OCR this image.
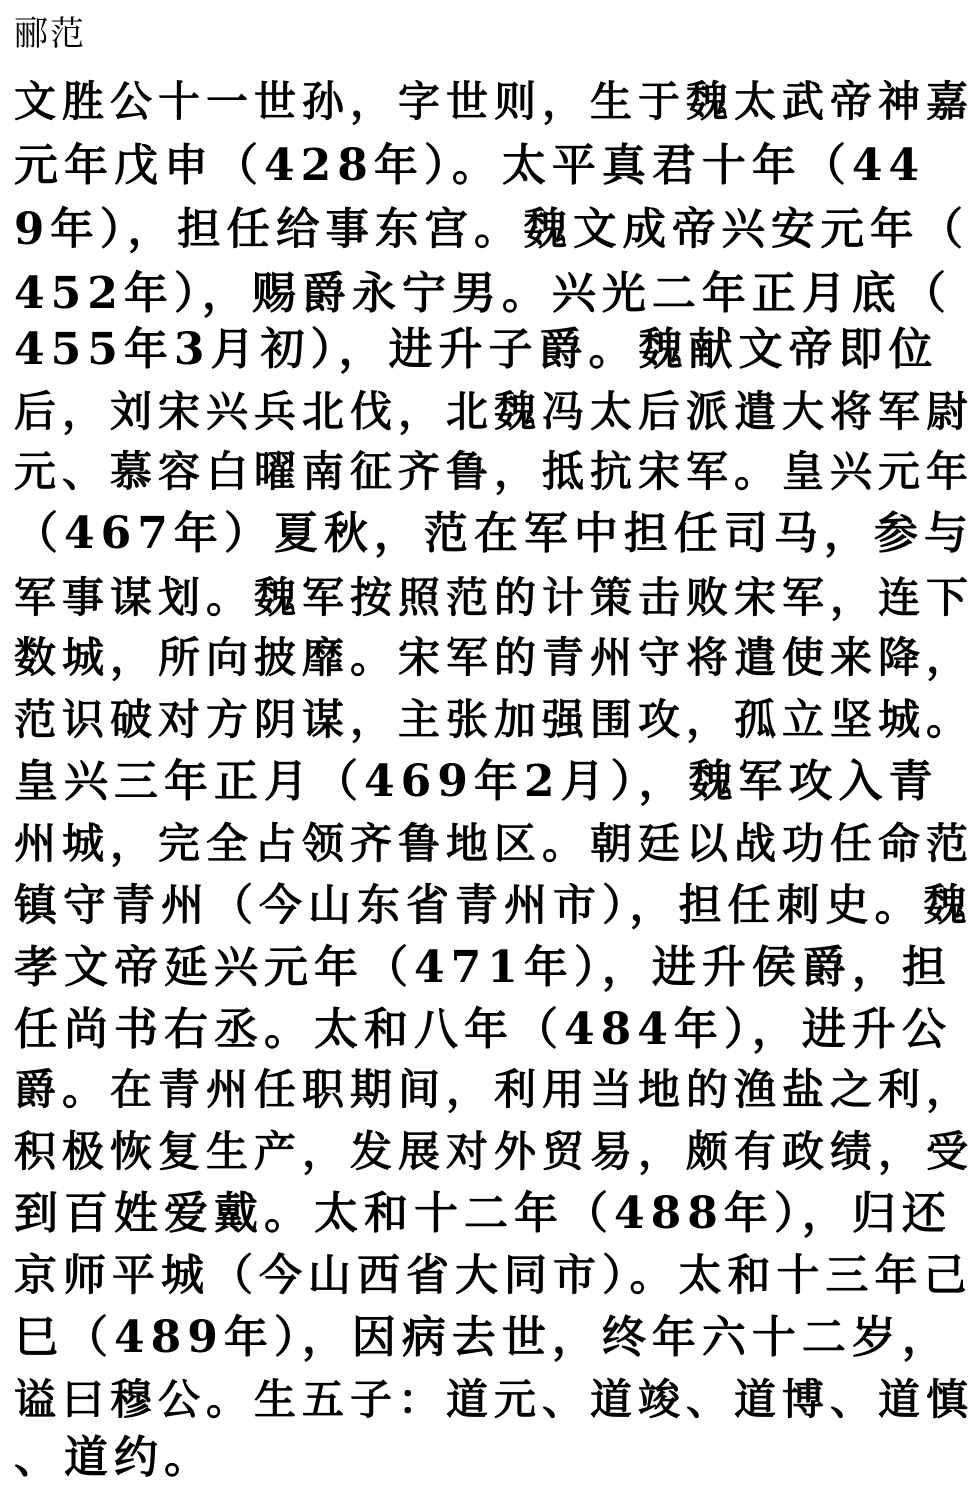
郦范
文胜公十一世孙，字世则，生于魏太武帝神嘉
元年戊申（428年）。太平真君十年（44
9年），担任给事东宫。魏文成帝兴安元年（
452年），赐爵永宁男。兴光二年正月底（
455年3月初），进升子爵。魏献文帝即位
后，刘宋兴兵北伐，北魏冯太后派遣大将军尉
元、慕容白曜南征齐鲁，抵抗宋军。皇兴元年
（467年）夏秋，范在军中担任司马，参与
军事谋划。魏军按照范的计策击败宋军，连下
数城，所向披靡。宋军的青州守将遣使来降，
范识破对方阴谋，主张加强围攻，孤立坚城。
皇兴三年正月（469年2月），魏军攻入青
州城，完全占领齐鲁地区。朝廷以战功任命范
镇守青州（今山东省青州市），担任刺史。魏
孝文帝延兴元年（471年），进升侯爵，担
任尚书右丞。太和八年（484年），进升公
爵。在青州任职期间，利用当地的渔盐之利，
积极恢复生产，发展对外贸易，颇有政绩，受
到百姓爱戴。太和十二年（488年），归还
京师平城（今山西省大同市）。太和十三年己
巳（489年），因病去世，终年六十二岁，
谥曰穆公。生五子：道元、道竣、道博、道慎
、道约。
